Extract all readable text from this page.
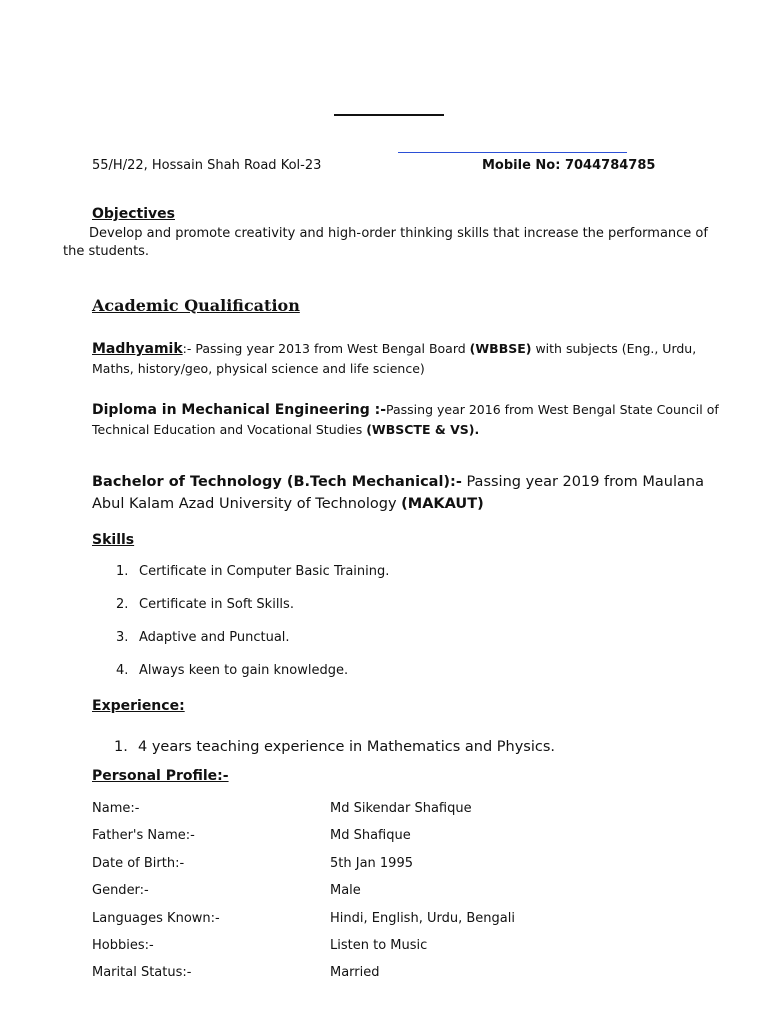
55/H/22, Hossain Shah Road Kol-23	Mobile No: 7044784785
Objectives
Develop and promote creativity and high-order thinking skills that increase the performance of the students.
Academic Qualification
Madhyamik:- Passing year 2013 from West Bengal Board (WBBSE) with subjects (Eng., Urdu, Maths, history/geo, physical science and life science)
Diploma in Mechanical Engineering :-Passing year 2016 from West Bengal State Council of Technical Education and Vocational Studies (WBSCTE & VS).
Bachelor of Technology (B.Tech Mechanical):- Passing year 2019 from Maulana Abul Kalam Azad University of Technology (MAKAUT)
Skills
1. Certificate in Computer Basic Training.
2. Certificate in Soft Skills.
3. Adaptive and Punctual.
4. Always keen to gain knowledge.
Experience:
1. 4 years teaching experience in Mathematics and Physics.
Personal Profile:-
Name:-	Md Sikendar Shafique
Father's Name:-	Md Shafique
Date of Birth:-	5th Jan 1995
Gender:-	Male
Languages Known:-	Hindi, English, Urdu, Bengali
Hobbies:-	Listen to Music
Marital Status:-	Married
